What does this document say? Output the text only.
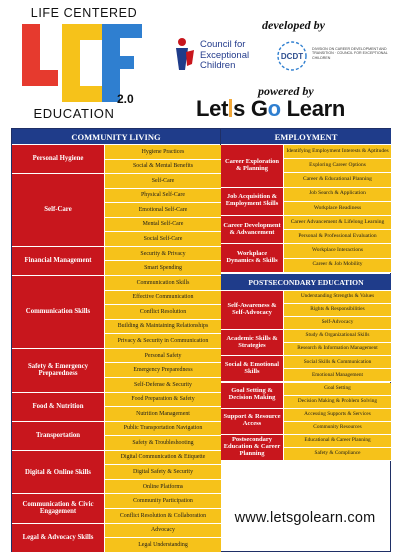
LIFE CENTERED
2.0
EDUCATION
developed by
Council for
Exceptional
Children
DCDT
DIVISION ON CAREER DEVELOPMENT AND TRANSITION · COUNCIL FOR EXCEPTIONAL CHILDREN
powered by
Let s Go Learn
COMMUNITY LIVING
Personal Hygiene
Hygiene Practices
Social & Mental Benefits
Self-Care
Self-Care
Physical Self-Care
Emotional Self-Care
Mental Self-Care
Social Self-Care
Financial Management
Security & Privacy
Smart Spending
Communication Skills
Communication Skills
Effective Communication
Conflict Resolution
Building & Maintaining Relationships
Privacy & Security in Communication
Safety & Emergency Preparedness
Personal Safety
Emergency Preparedness
Self-Defense & Security
Food & Nutrition
Food Preparation & Safety
Nutrition Management
Transportation
Public Transportation Navigation
Safety & Troubleshooting
Digital & Online Skills
Digital Communication & Etiquette
Digital Safety & Security
Online Platforms
Communication & Civic Engagement
Community Participation
Conflict Resolution & Collaboration
Legal & Advocacy Skills
Advocacy
Legal Understanding
EMPLOYMENT
Career Exploration & Planning
Identifying Employment Interests & Aptitudes
Exploring Career Options
Career & Educational Planning
Job Acquisition & Employment Skills
Job Search & Application
Workplace Readiness
Career Development & Advancement
Career Advancement & Lifelong Learning
Personal & Professional Evaluation
Workplace Dynamics & Skills
Workplace Interactions
Career & Job Mobility
POSTSECONDARY EDUCATION
Self-Awareness & Self-Advocacy
Understanding Strengths & Values
Rights & Responsibilities
Self-Advocacy
Academic Skills & Strategies
Study & Organizational Skills
Research & Information Management
Social & Emotional Skills
Social Skills & Communication
Emotional Management
Goal Setting & Decision Making
Goal Setting
Decision Making & Problem Solving
Support & Resource Access
Accessing Supports & Services
Community Resources
Postsecondary Education & Career Planning
Educational & Career Planning
Safety & Compliance
www.letsgolearn.com
